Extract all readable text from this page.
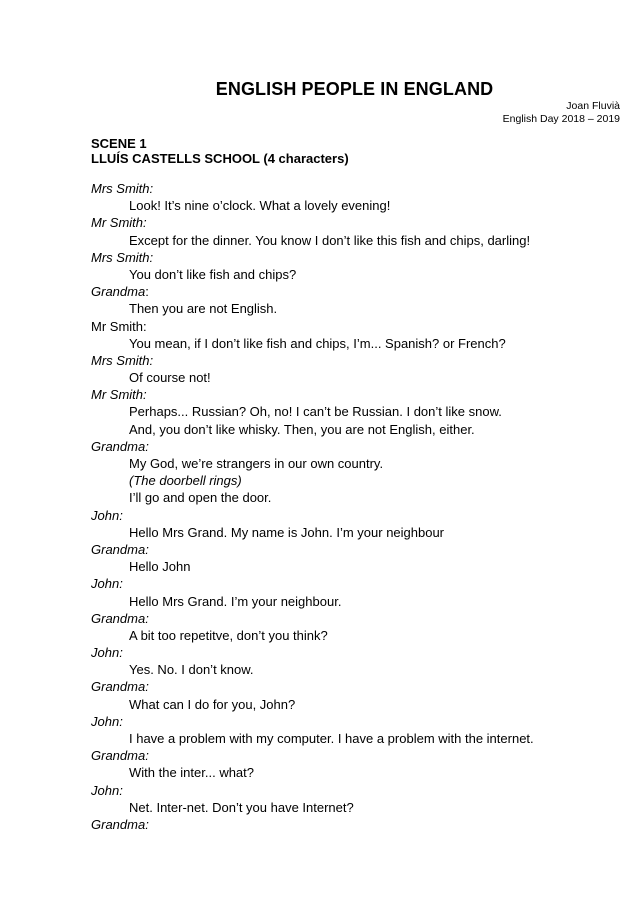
ENGLISH PEOPLE IN ENGLAND

Joan Fluvià

English Day 2018 – 2019

SCENE 1

LLUÍS CASTELLS SCHOOL (4 characters)

Mrs Smith:
Look! It’s nine o’clock. What a lovely evening!
Mr Smith:
Except for the dinner. You know I don’t like this fish and chips, darling!
Mrs Smith:
You don’t like fish and chips?
Grandma:
Then you are not English.
Mr Smith:
You mean, if I don’t like fish and chips, I’m... Spanish? or French?
Mrs Smith:
Of course not!
Mr Smith:
Perhaps... Russian? Oh, no! I can’t be Russian. I don’t like snow.
And, you don’t like whisky. Then, you are not English, either.
Grandma:
My God, we’re strangers in our own country.
(The doorbell rings)
I’ll go and open the door.
John:
Hello Mrs Grand. My name is John. I’m your neighbour
Grandma:
Hello John
John:
Hello Mrs Grand. I’m your neighbour.
Grandma:
A bit too repetitve, don’t you think?
John:
Yes. No. I don’t know.
Grandma:
What can I do for you, John?
John:
I have a problem with my computer. I have a problem with the internet.
Grandma:
With the inter... what?
John:
Net. Inter-net. Don’t you have Internet?
Grandma:
